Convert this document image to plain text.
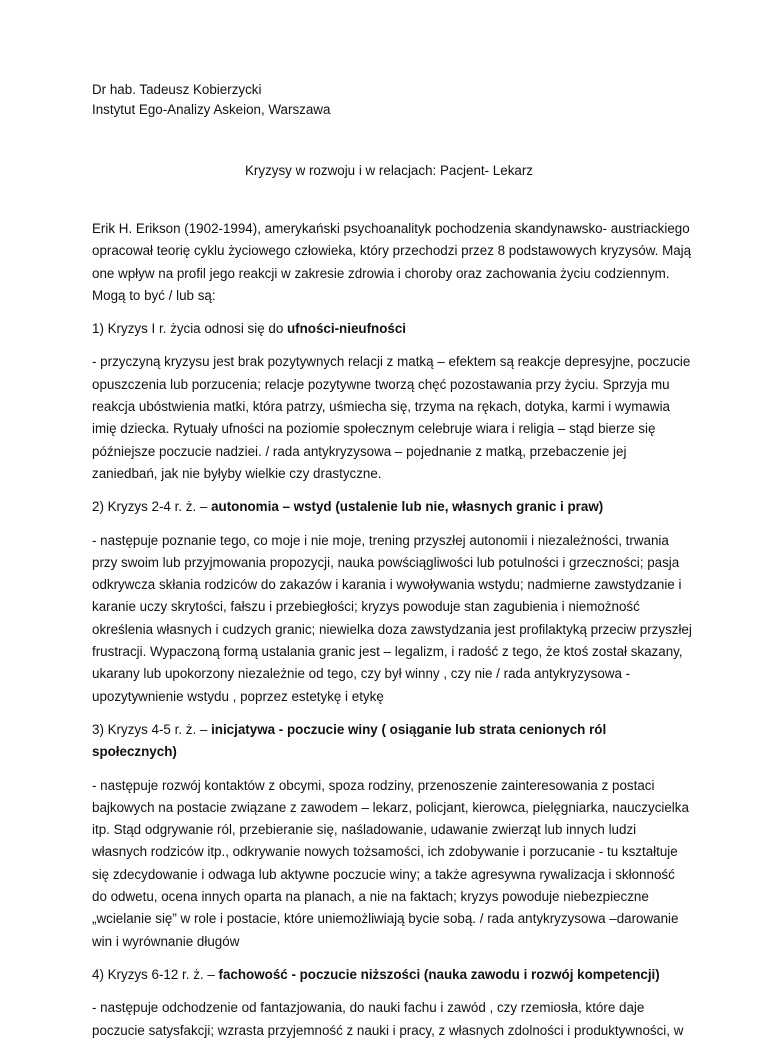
Dr hab. Tadeusz Kobierzycki
Instytut Ego-Analizy Askeion, Warszawa
Kryzysy w rozwoju i w relacjach: Pacjent- Lekarz

Erik H. Erikson (1902-1994), amerykański psychoanalityk pochodzenia skandynawsko- austriackiego opracował teorię cyklu życiowego człowieka, który przechodzi przez 8 podstawowych kryzysów. Mają one wpływ na profil jego reakcji w zakresie zdrowia i choroby oraz zachowania życiu codziennym. Mogą to być / lub są:

1) Kryzys I r. życia odnosi się do ufności-nieufności

- przyczyną kryzysu jest brak pozytywnych relacji z matką – efektem są reakcje depresyjne, poczucie opuszczenia lub porzucenia; relacje pozytywne tworzą chęć pozostawania przy życiu. Sprzyja mu reakcja ubóstwienia matki, która patrzy, uśmiecha się, trzyma na rękach, dotyka, karmi i wymawia imię dziecka. Rytuały ufności na poziomie społecznym celebruje wiara i religia – stąd bierze się późniejsze poczucie nadziei. / rada antykryzysowa – pojednanie z matką, przebaczenie jej zaniedbań, jak nie byłyby wielkie czy drastyczne.

2) Kryzys 2-4 r. ż. – autonomia – wstyd (ustalenie lub nie, własnych granic i praw)

- następuje poznanie tego, co moje i nie moje, trening przyszłej autonomii i niezależności, trwania przy swoim lub przyjmowania propozycji, nauka powściągliwości lub potulności i grzeczności; pasja odkrywcza skłania rodziców do zakazów i karania i wywoływania wstydu; nadmierne zawstydzanie i karanie uczy skrytości, fałszu i przebiegłości; kryzys powoduje stan zagubienia i niemożność określenia własnych i cudzych granic; niewielka doza zawstydzania jest profilaktyką przeciw przyszłej frustracji. Wypaczoną formą ustalania granic jest – legalizm, i radość z tego, że ktoś został skazany, ukarany lub upokorzony niezależnie od tego, czy był winny , czy nie / rada antykryzysowa - upozytywnienie wstydu , poprzez estetykę i etykę

3) Kryzys 4-5 r. ż. – inicjatywa - poczucie winy ( osiąganie lub strata cenionych ról społecznych)

- następuje rozwój kontaktów z obcymi, spoza rodziny, przenoszenie zainteresowania z postaci bajkowych na postacie związane z zawodem – lekarz, policjant, kierowca, pielęgniarka, nauczycielka itp. Stąd odgrywanie ról, przebieranie się, naśladowanie, udawanie zwierząt lub innych ludzi własnych rodziców itp., odkrywanie nowych tożsamości, ich zdobywanie i porzucanie - tu kształtuje się zdecydowanie i odwaga lub aktywne poczucie winy; a także agresywna rywalizacja i skłonność do odwetu, ocena innych oparta na planach, a nie na faktach; kryzys powoduje niebezpieczne „wcielanie się” w role i postacie, które uniemożliwiają bycie sobą. / rada antykryzysowa –darowanie win i wyrównanie długów

4) Kryzys 6-12 r. ż. – fachowość - poczucie niższości (nauka zawodu i rozwój kompetencji)

- następuje odchodzenie od fantazjowania, do nauki fachu i zawód , czy rzemiosła, które daje poczucie satysfakcji; wzrasta przyjemność z nauki i pracy, z własnych zdolności i produktywności, w
